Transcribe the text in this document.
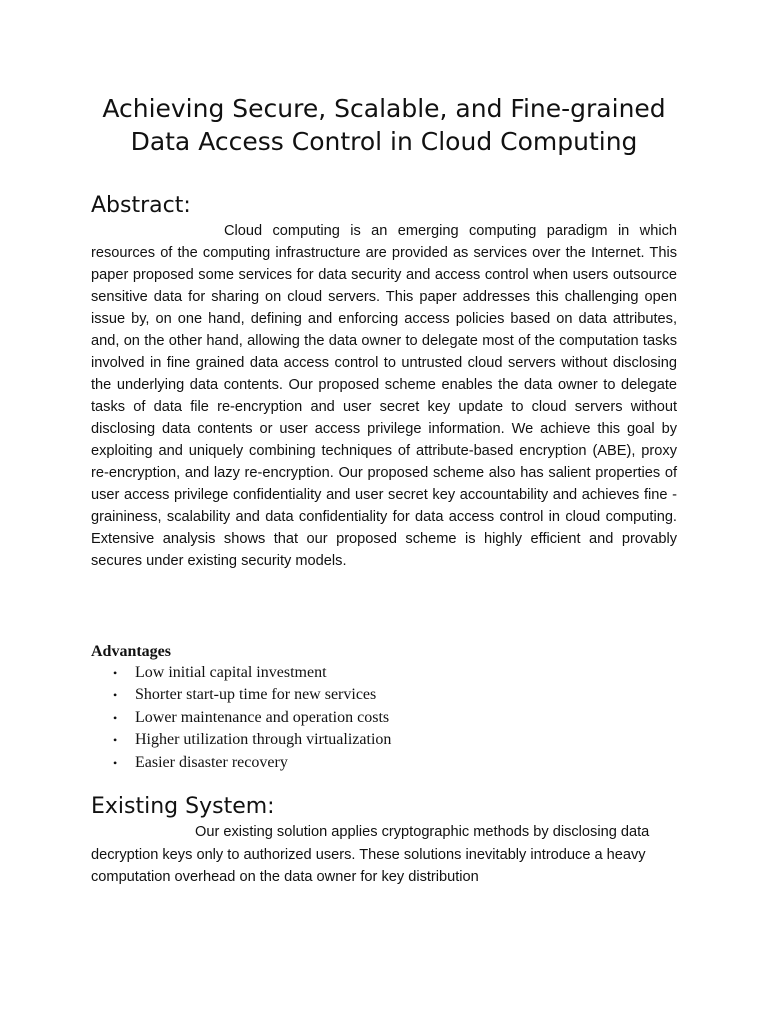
Achieving Secure, Scalable, and Fine-grained
Data Access Control in Cloud Computing
Abstract:

Cloud computing is an emerging computing paradigm in which resources of the computing infrastructure are provided as services over the Internet. This paper proposed some services for data security and access control when users outsource sensitive data for sharing on cloud servers. This paper addresses this challenging open issue by, on one hand, defining and enforcing access policies based on data attributes, and, on the other hand, allowing the data owner to delegate most of the computation tasks involved in fine grained data access control to untrusted cloud servers without disclosing the underlying data contents. Our proposed scheme enables the data owner to delegate tasks of data file re-encryption and user secret key update to cloud servers without disclosing data contents or user access privilege information. We achieve this goal by exploiting and uniquely combining techniques of attribute-based encryption (ABE), proxy re-encryption, and lazy re-encryption. Our proposed scheme also has salient properties of user access privilege confidentiality and user secret key accountability and achieves fine - graininess, scalability and data confidentiality for data access control in cloud computing. Extensive analysis shows that our proposed scheme is highly efficient and provably secures under existing security models.

Advantages
• Low initial capital investment
• Shorter start-up time for new services
• Lower maintenance and operation costs
• Higher utilization through virtualization
• Easier disaster recovery
Existing System:

Our existing solution applies cryptographic methods by disclosing data decryption keys only to authorized users. These solutions inevitably introduce a heavy computation overhead on the data owner for key distribution
